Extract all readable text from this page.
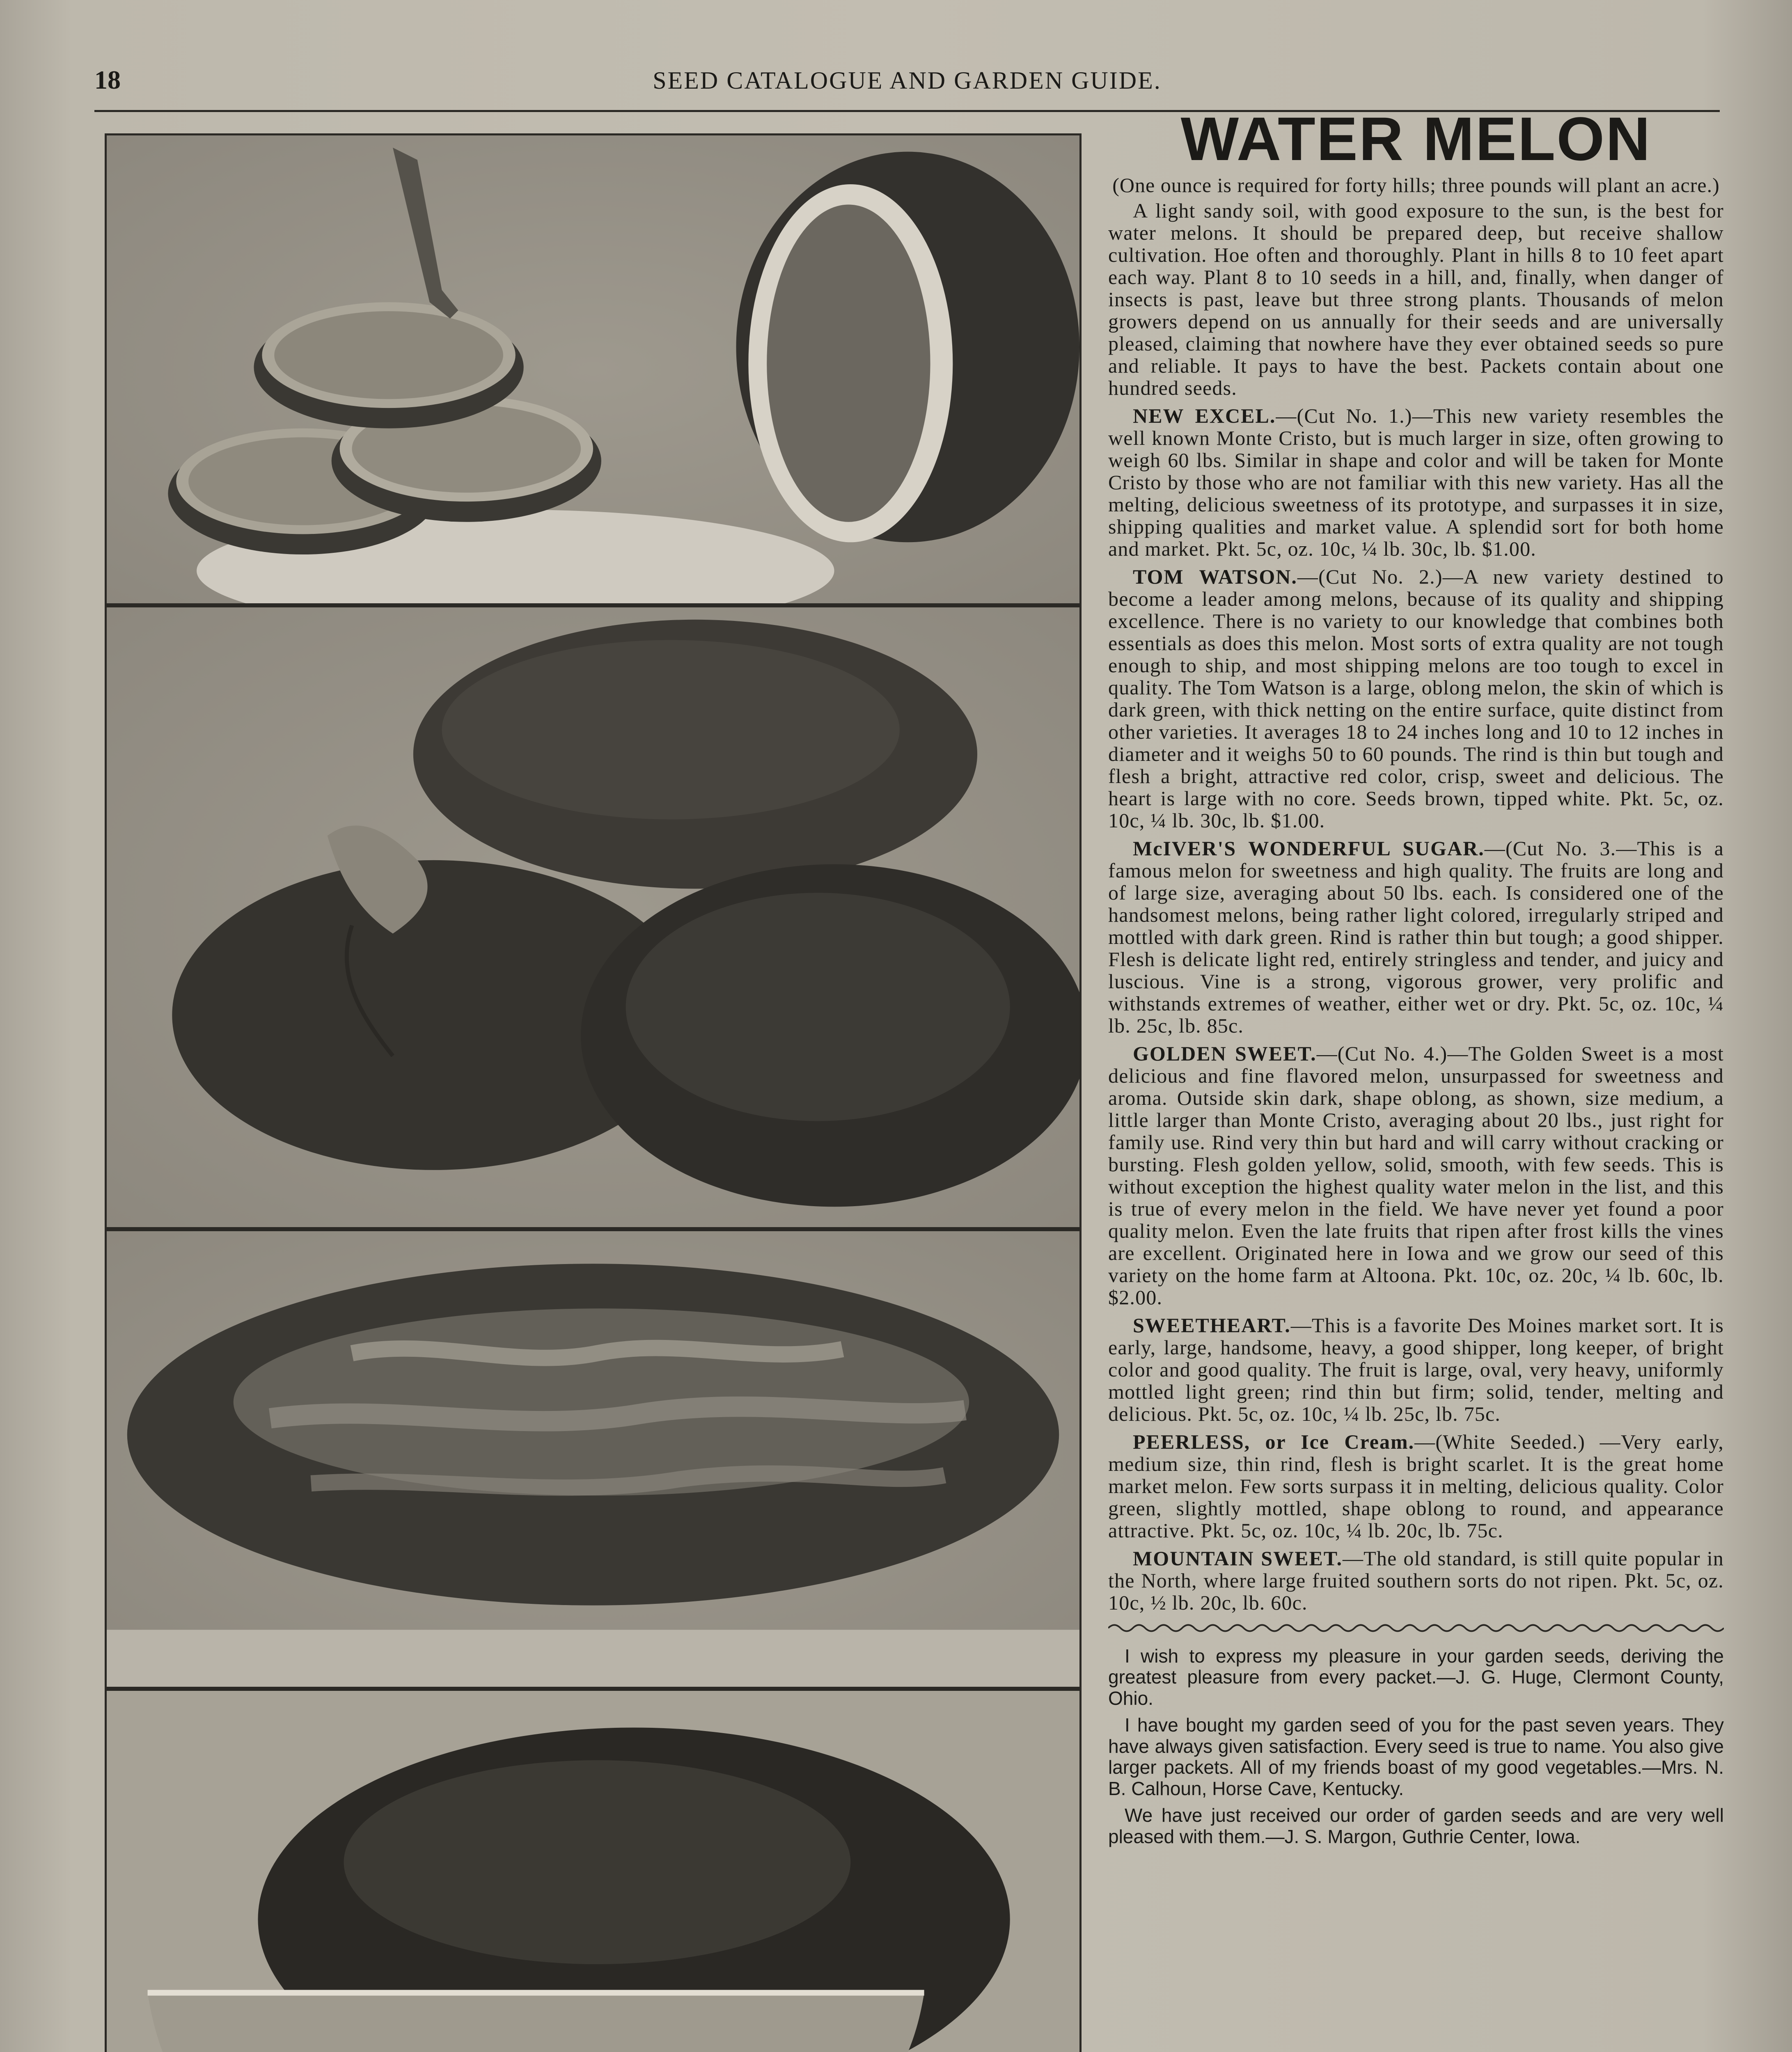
18	SEED CATALOGUE AND GARDEN GUIDE.
WATER MELON
(One ounce is required for forty hills; three pounds will plant an acre.)
A light sandy soil, with good exposure to the sun, is the best for water melons. It should be prepared deep, but receive shallow cultivation. Hoe often and thoroughly. Plant in hills 8 to 10 feet apart each way. Plant 8 to 10 seeds in a hill, and, finally, when danger of insects is past, leave but three strong plants. Thousands of melon growers depend on us annually for their seeds and are universally pleased, claiming that nowhere have they ever obtained seeds so pure and reliable. It pays to have the best. Packets contain about one hundred seeds.
NEW EXCEL.—(Cut No. 1.)—This new variety resembles the well known Monte Cristo, but is much larger in size, often growing to weigh 60 lbs. Similar in shape and color and will be taken for Monte Cristo by those who are not familiar with this new variety. Has all the melting, delicious sweetness of its prototype, and surpasses it in size, shipping qualities and market value. A splendid sort for both home and market. Pkt. 5c, oz. 10c, ¼ lb. 30c, lb. $1.00.
TOM WATSON.—(Cut No. 2.)—A new variety destined to become a leader among melons, because of its quality and shipping excellence. There is no variety to our knowledge that combines both essentials as does this melon. Most sorts of extra quality are not tough enough to ship, and most shipping melons are too tough to excel in quality. The Tom Watson is a large, oblong melon, the skin of which is dark green, with thick netting on the entire surface, quite distinct from other varieties. It averages 18 to 24 inches long and 10 to 12 inches in diameter and it weighs 50 to 60 pounds. The rind is thin but tough and flesh a bright, attractive red color, crisp, sweet and delicious. The heart is large with no core. Seeds brown, tipped white. Pkt. 5c, oz. 10c, ¼ lb. 30c, lb. $1.00.
McIVER'S WONDERFUL SUGAR.—(Cut No. 3.—This is a famous melon for sweetness and high quality. The fruits are long and of large size, averaging about 50 lbs. each. Is considered one of the handsomest melons, being rather light colored, irregularly striped and mottled with dark green. Rind is rather thin but tough; a good shipper. Flesh is delicate light red, entirely stringless and tender, and juicy and luscious. Vine is a strong, vigorous grower, very prolific and withstands extremes of weather, either wet or dry. Pkt. 5c, oz. 10c, ¼ lb. 25c, lb. 85c.
GOLDEN SWEET.—(Cut No. 4.)—The Golden Sweet is a most delicious and fine flavored melon, unsurpassed for sweetness and aroma. Outside skin dark, shape oblong, as shown, size medium, a little larger than Monte Cristo, averaging about 20 lbs., just right for family use. Rind very thin but hard and will carry without cracking or bursting. Flesh golden yellow, solid, smooth, with few seeds. This is without exception the highest quality water melon in the list, and this is true of every melon in the field. We have never yet found a poor quality melon. Even the late fruits that ripen after frost kills the vines are excellent. Originated here in Iowa and we grow our seed of this variety on the home farm at Altoona. Pkt. 10c, oz. 20c, ¼ lb. 60c, lb. $2.00.
SWEETHEART.—This is a favorite Des Moines market sort. It is early, large, handsome, heavy, a good shipper, long keeper, of bright color and good quality. The fruit is large, oval, very heavy, uniformly mottled light green; rind thin but firm; solid, tender, melting and delicious. Pkt. 5c, oz. 10c, ¼ lb. 25c, lb. 75c.
PEERLESS, or Ice Cream.—(White Seeded.) —Very early, medium size, thin rind, flesh is bright scarlet. It is the great home market melon. Few sorts surpass it in melting, delicious quality. Color green, slightly mottled, shape oblong to round, and appearance attractive. Pkt. 5c, oz. 10c, ¼ lb. 20c, lb. 75c.
MOUNTAIN SWEET.—The old standard, is still quite popular in the North, where large fruited southern sorts do not ripen. Pkt. 5c, oz. 10c, ½ lb. 20c, lb. 60c.
I wish to express my pleasure in your garden seeds, deriving the greatest pleasure from every packet.—J. G. Huge, Clermont County, Ohio.
I have bought my garden seed of you for the past seven years. They have always given satisfaction. Every seed is true to name. You also give larger packets. All of my friends boast of my good vegetables.—Mrs. N. B. Calhoun, Horse Cave, Kentucky.
We have just received our order of garden seeds and are very well pleased with them.—J. S. Margon, Guthrie Center, Iowa.
